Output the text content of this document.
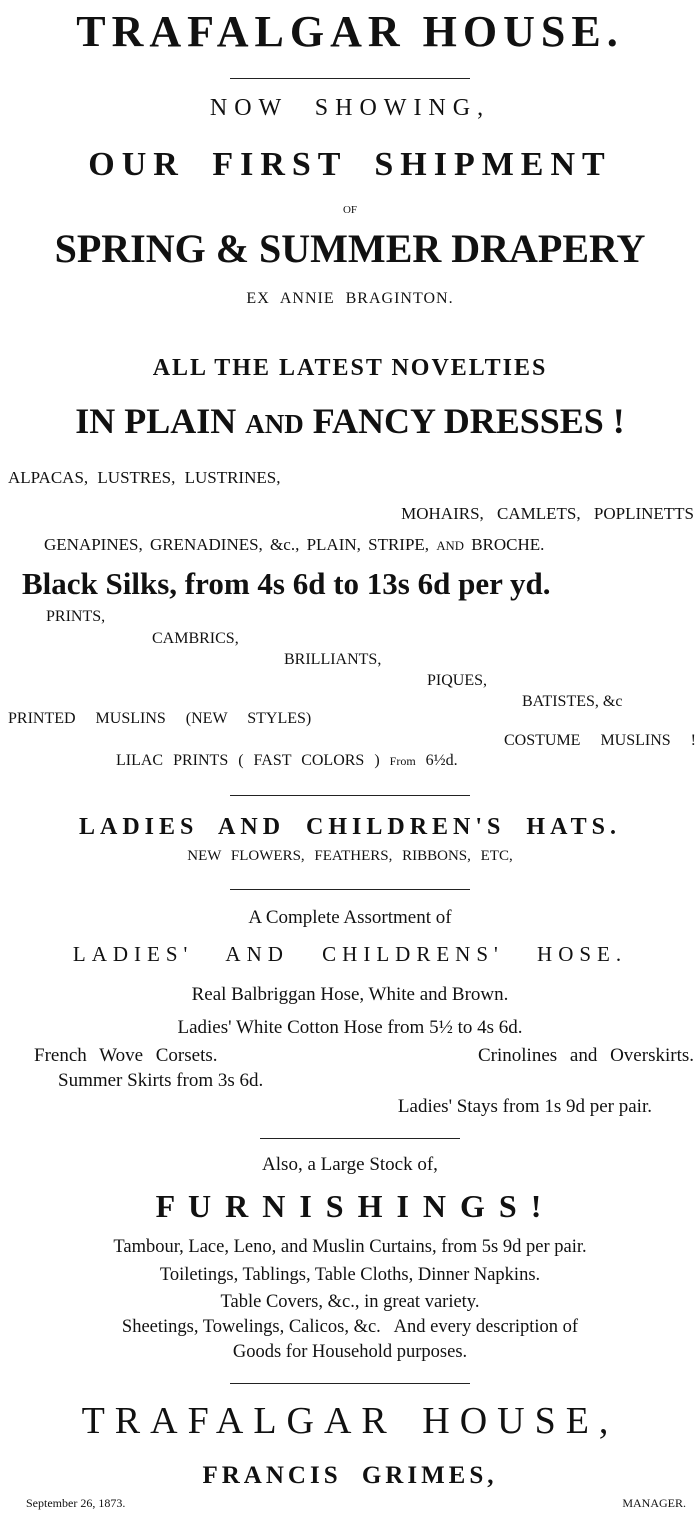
TRAFALGAR HOUSE.
NOW SHOWING,
OUR FIRST SHIPMENT
OF
SPRING & SUMMER DRAPERY
EX ANNIE BRAGINTON.
ALL THE LATEST NOVELTIES
IN PLAIN AND FANCY DRESSES !
ALPACAS, LUSTRES, LUSTRINES,
MOHAIRS, CAMLETS, POPLINETTS
GENAPINES, GRENADINES, &c., PLAIN, STRIPE, AND BROCHE.
Black Silks, from 4s 6d to 13s 6d per yd.
PRINTS,
CAMBRICS,
BRILLIANTS,
PIQUES,
BATISTES, &c
PRINTED MUSLINS (NEW STYLES)
COSTUME MUSLINS !
LILAC PRINTS ( FAST COLORS ) From 6½d.
LADIES AND CHILDREN'S HATS.
NEW FLOWERS, FEATHERS, RIBBONS, ETC,
A Complete Assortment of
LADIES' AND CHILDRENS' HOSE.
Real Balbriggan Hose, White and Brown.
Ladies' White Cotton Hose from 5½ to 4s 6d.
French Wove Corsets.	Crinolines and Overskirts.
Summer Skirts from 3s 6d.
Ladies' Stays from 1s 9d per pair.
Also, a Large Stock of,
F U R N I S H I N G S !
Tambour, Lace, Leno, and Muslin Curtains, from 5s 9d per pair.
Toiletings, Tablings, Table Cloths, Dinner Napkins.
Table Covers, &c., in great variety.
Sheetings, Towelings, Calicos, &c.   And every description of
Goods for Household purposes.
TRAFALGAR HOUSE,
FRANCIS GRIMES,
September 26, 1873.	MANAGER.
